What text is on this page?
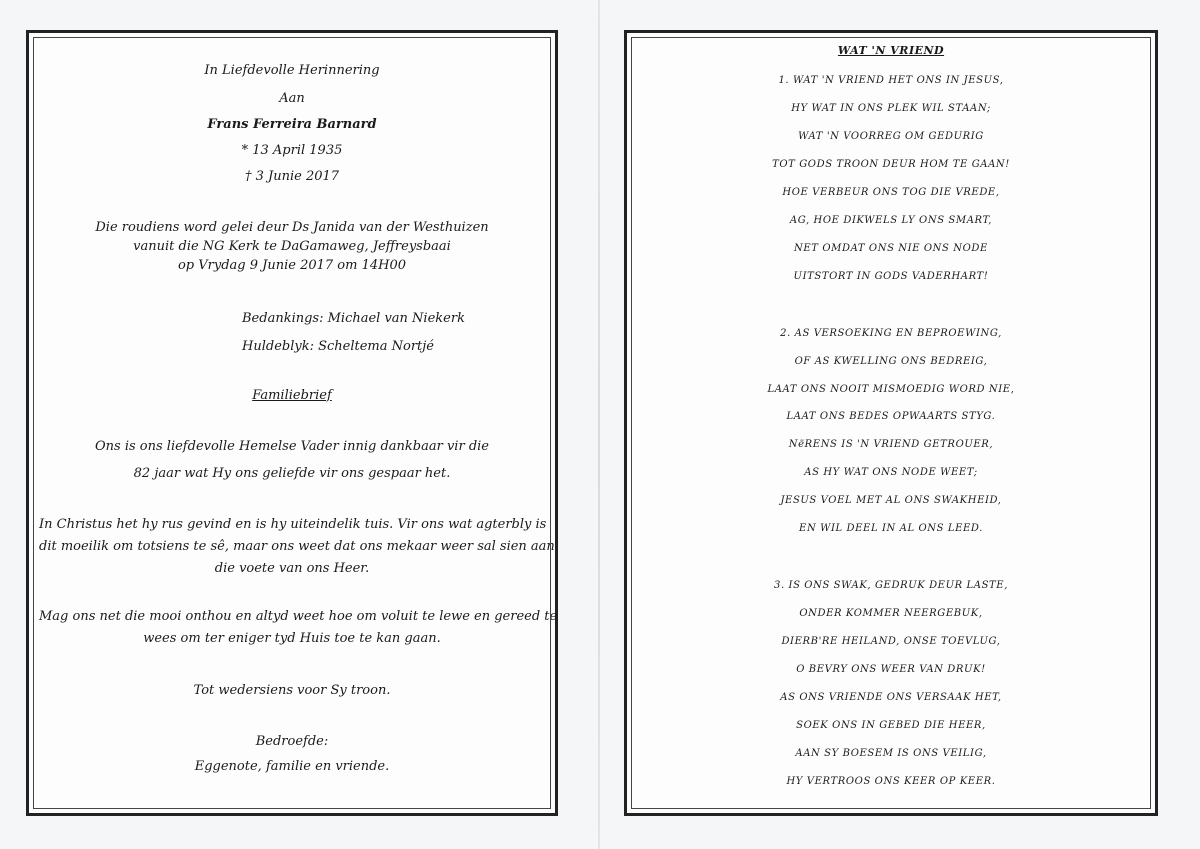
In Liefdevolle Herinnering
Aan
Frans Ferreira Barnard
* 13 April 1935
† 3 Junie 2017
Die roudiens word gelei deur Ds Janida van der Westhuizen
vanuit die NG Kerk te DaGamaweg, Jeffreysbaai
op Vrydag 9 Junie 2017 om 14H00
Bedankings: Michael van Niekerk
Huldeblyk: Scheltema Nortjé
Familiebrief
Ons is ons liefdevolle Hemelse Vader innig dankbaar vir die
82 jaar wat Hy ons geliefde vir ons gespaar het.
In Christus het hy rus gevind en is hy uiteindelik tuis. Vir ons wat agterbly is
dit moeilik om totsiens te sê, maar ons weet dat ons mekaar weer sal sien aan
die voete van ons Heer.
Mag ons net die mooi onthou en altyd weet hoe om voluit te lewe en gereed te
wees om ter eniger tyd Huis toe te kan gaan.
Tot wedersiens voor Sy troon.
Bedroefde:
Eggenote, familie en vriende.
WAT 'N VRIEND
1. WAT 'N VRIEND HET ONS IN JESUS,
HY WAT IN ONS PLEK WIL STAAN;
WAT 'N VOORREG OM GEDURIG
TOT GODS TROON DEUR HOM TE GAAN!
HOE VERBEUR ONS TOG DIE VREDE,
AG, HOE DIKWELS LY ONS SMART,
NET OMDAT ONS NIE ONS NODE
UITSTORT IN GODS VADERHART!
2. AS VERSOEKING EN BEPROEWING,
OF AS KWELLING ONS BEDREIG,
LAAT ONS NOOIT MISMOEDIG WORD NIE,
LAAT ONS BEDES OPWAARTS STYG.
NëRENS IS 'N VRIEND GETROUER,
AS HY WAT ONS NODE WEET;
JESUS VOEL MET AL ONS SWAKHEID,
EN WIL DEEL IN AL ONS LEED.
3. IS ONS SWAK, GEDRUK DEUR LASTE,
ONDER KOMMER NEERGEBUK,
DIERB'RE HEILAND, ONSE TOEVLUG,
O BEVRY ONS WEER VAN DRUK!
AS ONS VRIENDE ONS VERSAAK HET,
SOEK ONS IN GEBED DIE HEER,
AAN SY BOESEM IS ONS VEILIG,
HY VERTROOS ONS KEER OP KEER.
